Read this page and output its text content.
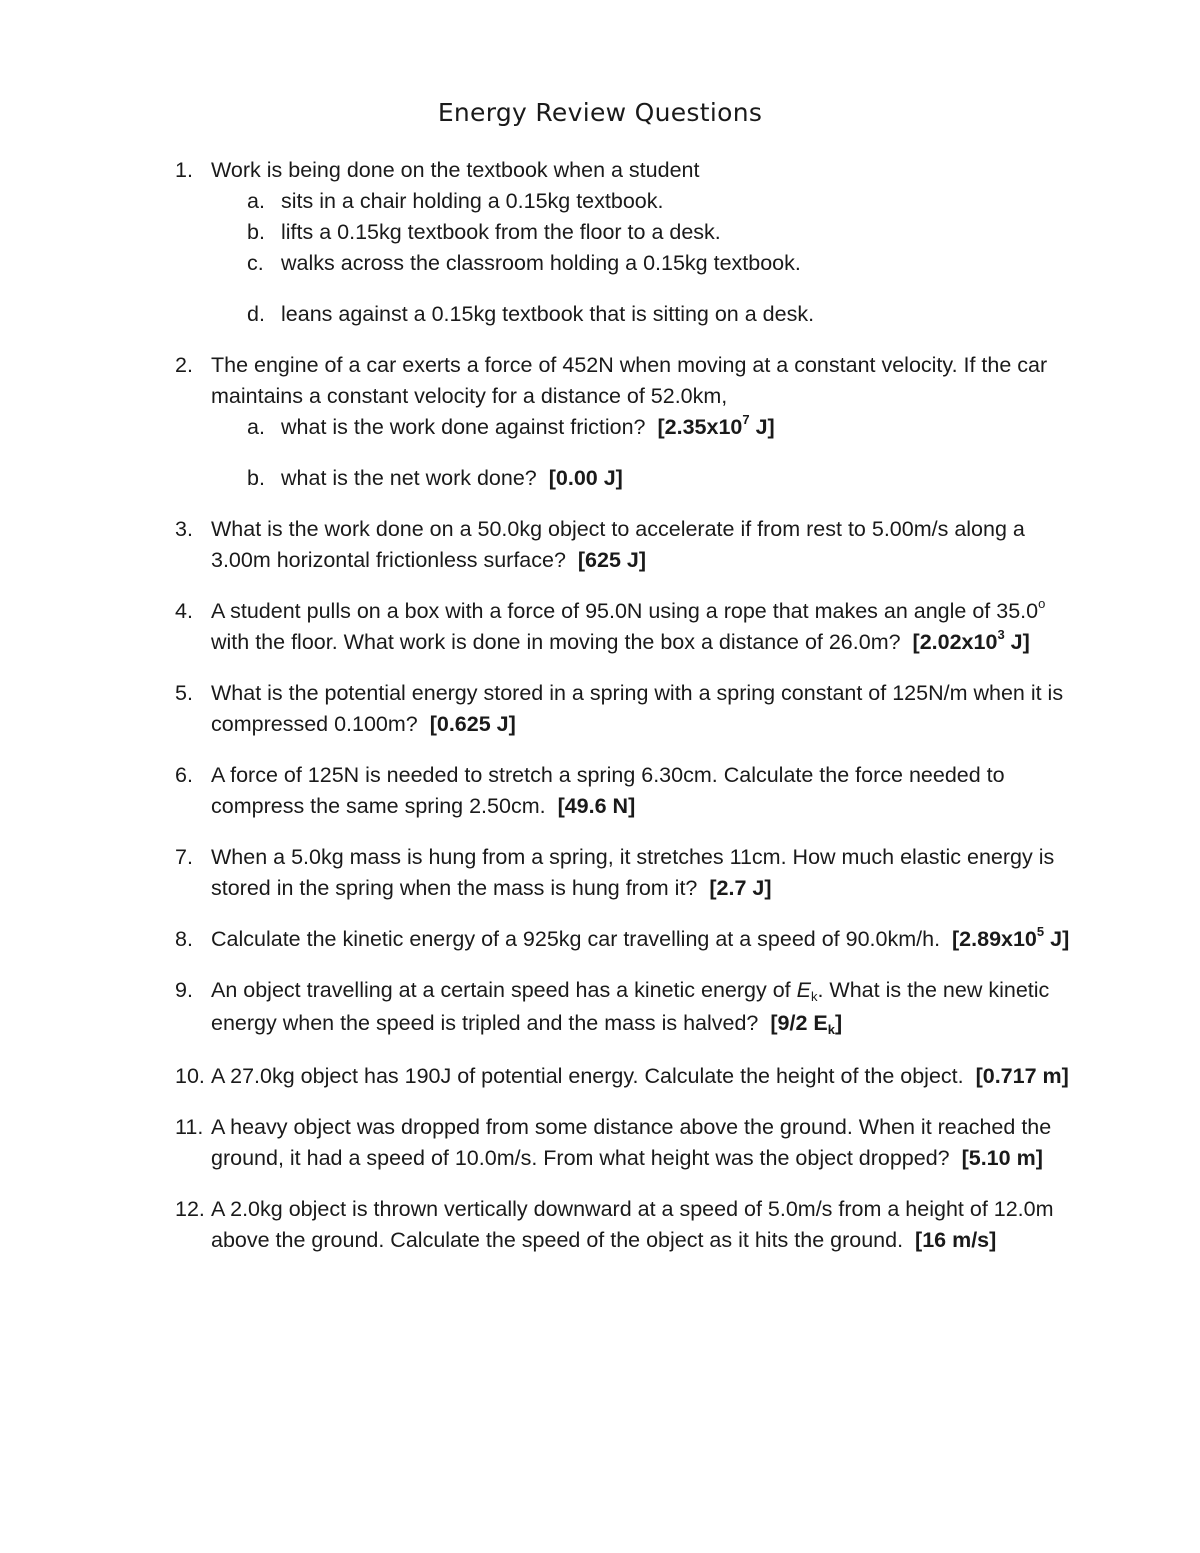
Energy Review Questions
1. Work is being done on the textbook when a student
a. sits in a chair holding a 0.15kg textbook.
b. lifts a 0.15kg textbook from the floor to a desk.
c. walks across the classroom holding a 0.15kg textbook.
d. leans against a 0.15kg textbook that is sitting on a desk.
2. The engine of a car exerts a force of 452N when moving at a constant velocity. If the car maintains a constant velocity for a distance of 52.0km,
a. what is the work done against friction? [$2.35x10^7$ J]
b. what is the net work done? [0.00 J]
3. What is the work done on a 50.0kg object to accelerate if from rest to 5.00m/s along a 3.00m horizontal frictionless surface? [625 J]
4. A student pulls on a box with a force of 95.0N using a rope that makes an angle of 35.0$^o$ with the floor. What work is done in moving the box a distance of 26.0m? [$2.02x10^3$ J]
5. What is the potential energy stored in a spring with a spring constant of 125N/m when it is compressed 0.100m? [0.625 J]
6. A force of 125N is needed to stretch a spring 6.30cm. Calculate the force needed to compress the same spring 2.50cm. [49.6 N]
7. When a 5.0kg mass is hung from a spring, it stretches 11cm. How much elastic energy is stored in the spring when the mass is hung from it? [2.7 J]
8. Calculate the kinetic energy of a 925kg car travelling at a speed of 90.0km/h. [$2.89x10^5$ J]
9. An object travelling at a certain speed has a kinetic energy of Ek. What is the new kinetic energy when the speed is tripled and the mass is halved? [9/2 Ek]
10. A 27.0kg object has 190J of potential energy. Calculate the height of the object. [0.717 m]
11. A heavy object was dropped from some distance above the ground. When it reached the ground, it had a speed of 10.0m/s. From what height was the object dropped? [5.10 m]
12. A 2.0kg object is thrown vertically downward at a speed of 5.0m/s from a height of 12.0m above the ground. Calculate the speed of the object as it hits the ground. [16 m/s]
